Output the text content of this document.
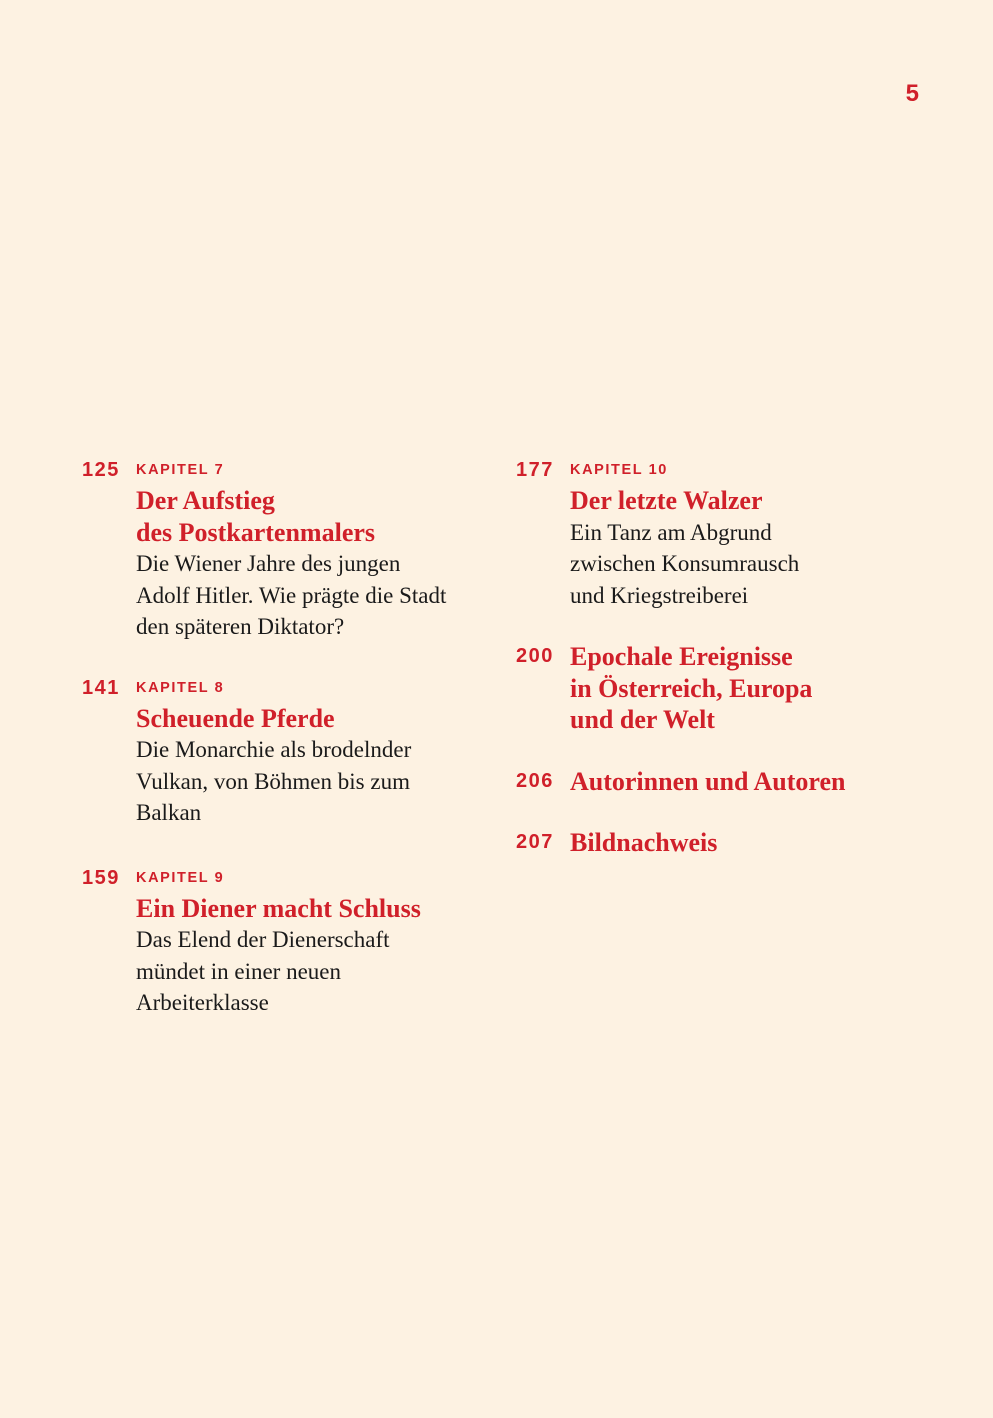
5
125	KAPITEL 7
Der Aufstieg
des Postkartenmalers
Die Wiener Jahre des jungen
Adolf Hitler. Wie prägte die Stadt
den späteren Diktator?
141	KAPITEL 8
Scheuende Pferde
Die Monarchie als brodelnder
Vulkan, von Böhmen bis zum
Balkan
159	KAPITEL 9
Ein Diener macht Schluss
Das Elend der Dienerschaft
mündet in einer neuen
Arbeiterklasse
177	KAPITEL 10
Der letzte Walzer
Ein Tanz am Abgrund
zwischen Konsumrausch
und Kriegstreiberei
200 Epochale Ereignisse
in Österreich, Europa
und der Welt
206 Autorinnen und Autoren
207 Bildnachweis
